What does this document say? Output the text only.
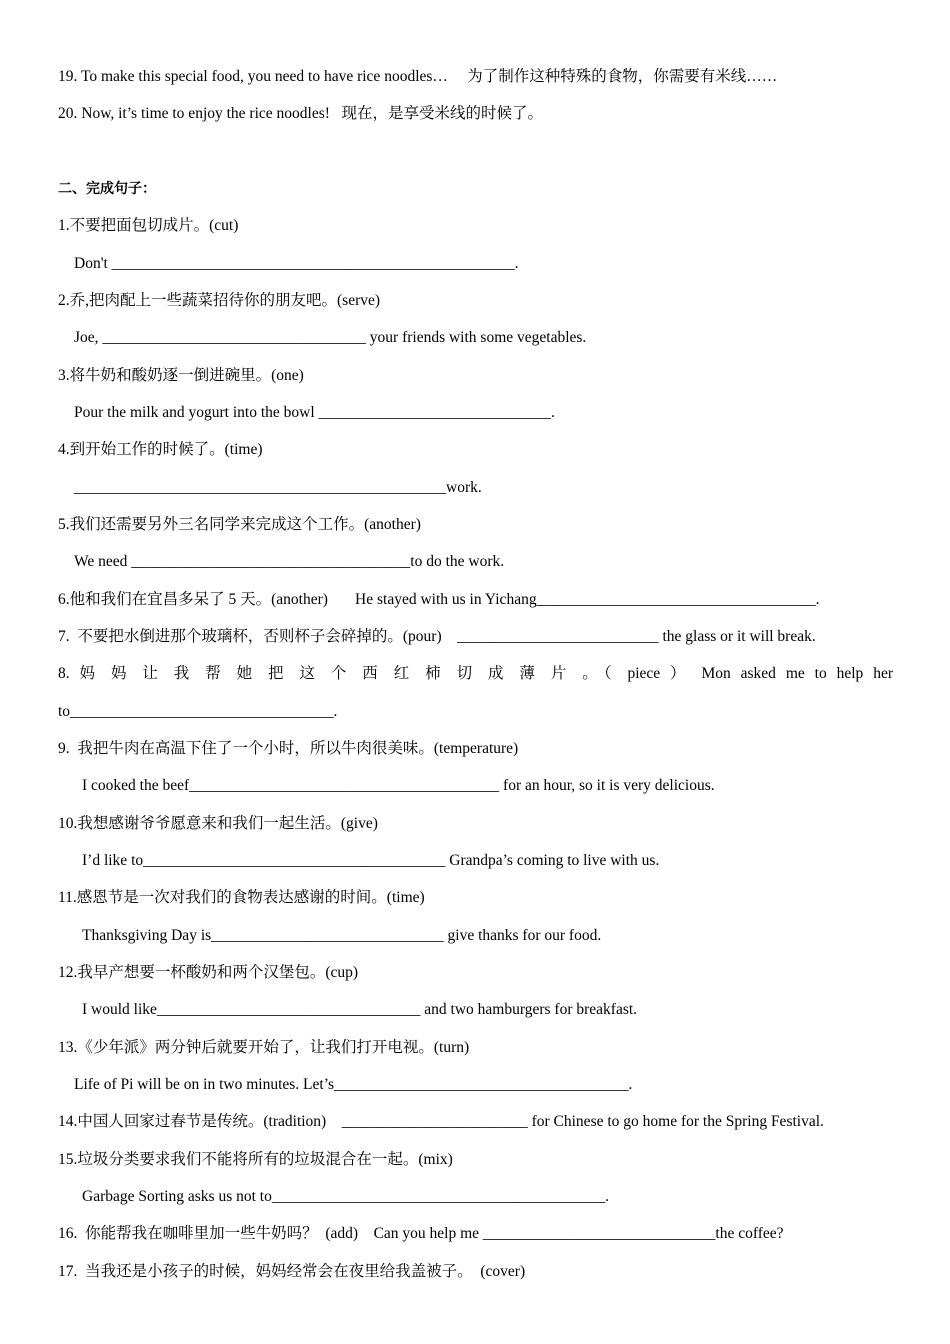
19. To make this special food, you need to have rice noodles…     为了制作这种特殊的食物，你需要有米线……
20. Now, it’s time to enjoy the rice noodles!   现在，是享受米线的时候了。
二、完成句子：
1.不要把面包切成片。(cut)
Don't ____________________________________________________.
2.乔,把肉配上一些蔬菜招待你的朋友吧。(serve)
Joe, __________________________________ your friends with some vegetables.
3.将牛奶和酸奶逐一倒进碗里。(one)
Pour the milk and yogurt into the bowl ______________________________.
4.到开始工作的时候了。(time)
________________________________________________work.
5.我们还需要另外三名同学来完成这个工作。(another)
We need ____________________________________to do the work.
6.他和我们在宜昌多呆了 5 天。(another)       He stayed with us in Yichang____________________________________.
7.  不要把水倒进那个玻璃杯，否则杯子会碎掉的。(pour)    __________________________ the glass or it will break.
8. 妈 妈 让 我 帮 她 把 这 个 西 红 柿 切 成 薄 片 。（ piece ） Mon asked me to help her
to__________________________________.
9.  我把牛肉在高温下住了一个小时，所以牛肉很美味。(temperature)
I cooked the beef________________________________________ for an hour, so it is very delicious.
10.我想感谢爷爷愿意来和我们一起生活。(give)
I’d like to_______________________________________ Grandpa’s coming to live with us.
11.感恩节是一次对我们的食物表达感谢的时间。(time)
Thanksgiving Day is______________________________ give thanks for our food.
12.我早产想要一杯酸奶和两个汉堡包。(cup)
I would like__________________________________ and two hamburgers for breakfast.
13.《少年派》两分钟后就要开始了，让我们打开电视。(turn)
Life of Pi will be on in two minutes. Let’s______________________________________.
14.中国人回家过春节是传统。(tradition)    ________________________ for Chinese to go home for the Spring Festival.
15.垃圾分类要求我们不能将所有的垃圾混合在一起。(mix)
Garbage Sorting asks us not to___________________________________________.
16.  你能帮我在咖啡里加一些牛奶吗？  (add)    Can you help me ______________________________the coffee?
17.  当我还是小孩子的时候，妈妈经常会在夜里给我盖被子。  (cover)
